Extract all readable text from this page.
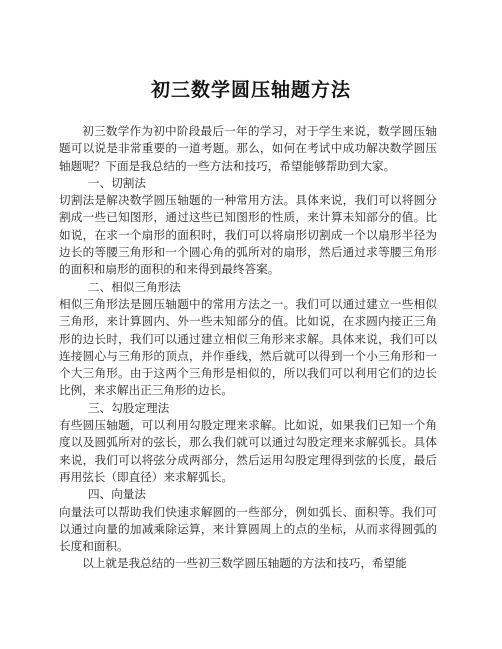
初三数学圆压轴题方法

初三数学作为初中阶段最后一年的学习，对于学生来说，数学圆压轴题可以说是非常重要的一道考题。那么，如何在考试中成功解决数学圆压轴题呢？下面是我总结的一些方法和技巧，希望能够帮助到大家。

一、切割法

切割法是解决数学圆压轴题的一种常用方法。具体来说，我们可以将圆分割成一些已知图形，通过这些已知图形的性质，来计算未知部分的值。比如说，在求一个扇形的面积时，我们可以将扇形切割成一个以扇形半径为边长的等腰三角形和一个圆心角的弧所对的扇形，然后通过求等腰三角形的面积和扇形的面积的和来得到最终答案。

二、相似三角形法

相似三角形法是圆压轴题中的常用方法之一。我们可以通过建立一些相似三角形，来计算圆内、外一些未知部分的值。比如说，在求圆内接正三角形的边长时，我们可以通过建立相似三角形来求解。具体来说，我们可以连接圆心与三角形的顶点，并作垂线，然后就可以得到一个小三角形和一个大三角形。由于这两个三角形是相似的，所以我们可以利用它们的边长比例，来求解出正三角形的边长。

三、勾股定理法

有些圆压轴题，可以利用勾股定理来求解。比如说，如果我们已知一个角度以及圆弧所对的弦长，那么我们就可以通过勾股定理来求解弧长。具体来说，我们可以将弦分成两部分，然后运用勾股定理得到弦的长度，最后再用弦长（即直径）来求解弧长。

四、向量法

向量法可以帮助我们快速求解圆的一些部分，例如弧长、面积等。我们可以通过向量的加减乘除运算，来计算圆周上的点的坐标，从而求得圆弧的长度和面积。

以上就是我总结的一些初三数学圆压轴题的方法和技巧，希望能
